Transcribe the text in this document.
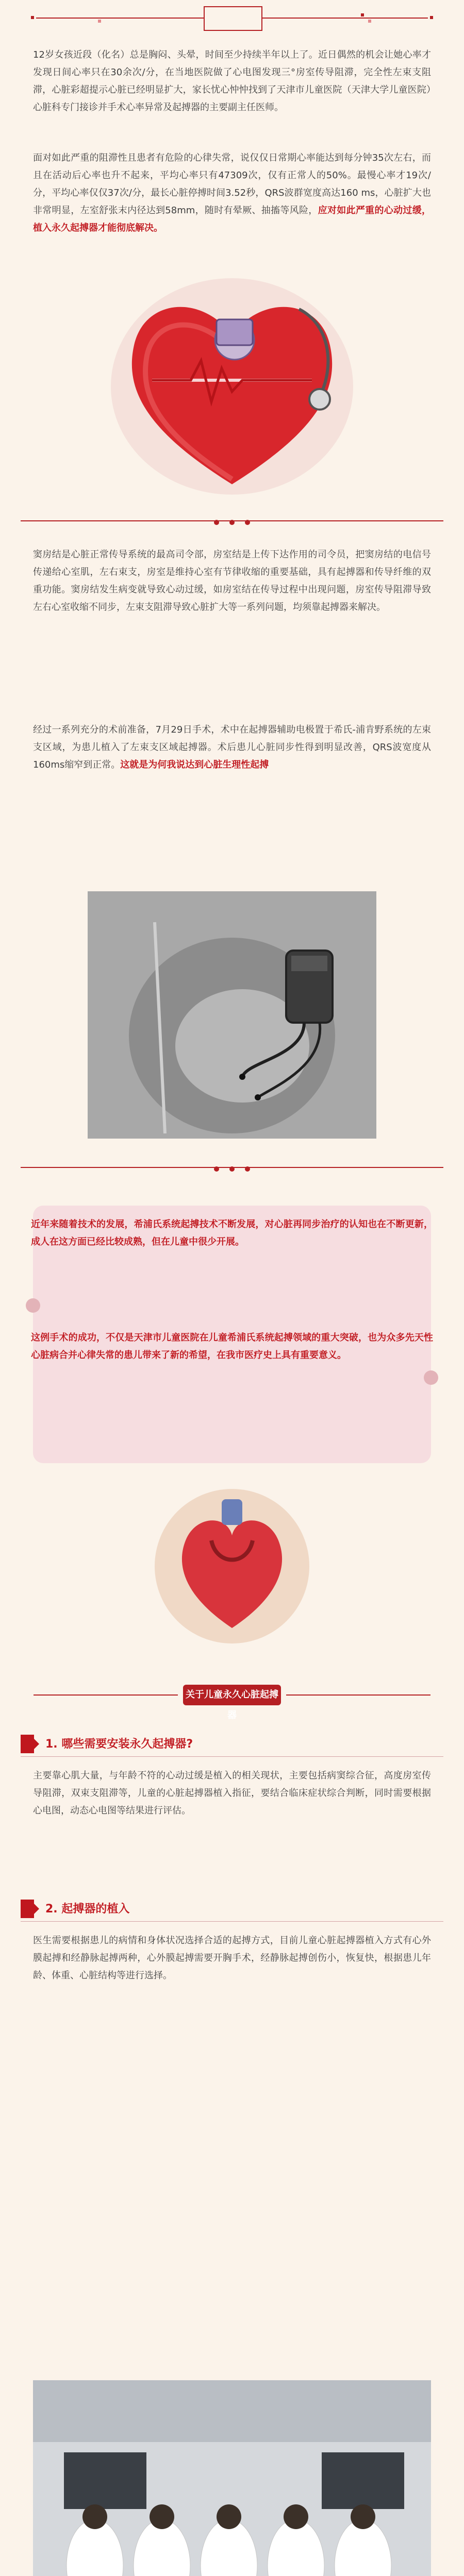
12岁女孩近段（化名）总是胸闷、头晕，时间至少持续半年以上了。近日偶然的机会让她心率才发现日间心率只在30余次/分，在当地医院做了心电图发现三°房室传导阻滞，完全性左束支阻滞，心脏彩超提示心脏已经明显扩大，家长忧心忡忡找到了天津市儿童医院（天津大学儿童医院）心脏科专门接诊并手术心率异常及起搏器的主要副主任医师。

面对如此严重的阻滞性且患者有危险的心律失常，说仅仅日常期心率能达到每分钟35次左右，而且在活动后心率也升不起来，平均心率只有47309次，仅有正常人的50%。最慢心率才19次/分，平均心率仅仅37次/分，最长心脏停搏时间3.52秒，QRS波群宽度高达160 ms，心脏扩大也非常明显，左室舒张末内径达到58mm，随时有晕厥、抽搐等风险，应对如此严重的心动过缓，植入永久起搏器才能彻底解决。

窦房结是心脏正常传导系统的最高司令部，房室结是上传下达作用的司令员，把窦房结的电信号传递给心室肌，左右束支，房室是维持心室有节律收缩的重要基础，具有起搏器和传导纤维的双重功能。窦房结发生病变就导致心动过缓，如房室结在传导过程中出现问题，房室传导阻滞导致左右心室收缩不同步，左束支阻滞导致心脏扩大等一系列问题，均须靠起搏器来解决。

经过一系列充分的术前准备，7月29日手术，术中在起搏器辅助电极置于希氏-浦肯野系统的左束支区域，为患儿植入了左束支区域起搏器。术后患儿心脏同步性得到明显改善，QRS波宽度从160ms缩窄到正常。这就是为何我说达到心脏生理性起搏

近年来随着技术的发展，希浦氏系统起搏技术不断发展，对心脏再同步治疗的认知也在不断更新，成人在这方面已经比较成熟，但在儿童中很少开展。

这例手术的成功，不仅是天津市儿童医院在儿童希浦氏系统起搏领域的重大突破，也为众多先天性心脏病合并心律失常的患儿带来了新的希望，在我市医疗史上具有重要意义。

关于儿童永久心脏起搏器
1. 哪些需要安装永久起搏器?

主要靠心肌大量，与年龄不符的心动过缓是植入的相关现状，主要包括病窦综合征，高度房室传导阻滞，双束支阻滞等，儿童的心脏起搏器植入指征，要结合临床症状综合判断，同时需要根据心电图，动态心电图等结果进行评估。

2. 起搏器的植入

医生需要根据患儿的病情和身体状况选择合适的起搏方式，目前儿童心脏起搏器植入方式有心外膜起搏和经静脉起搏两种，心外膜起搏需要开胸手术，经静脉起搏创伤小，恢复快，根据患儿年龄、体重、心脏结构等进行选择。
